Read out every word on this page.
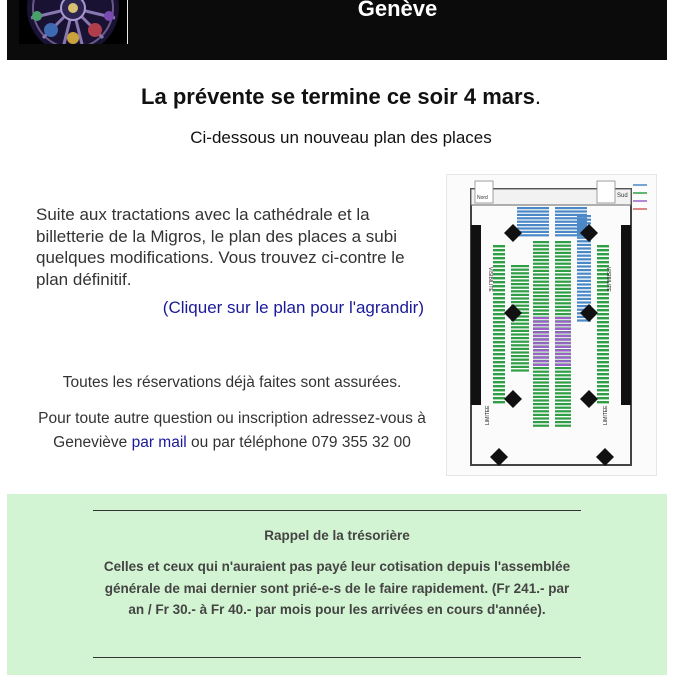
Genève
La prévente se termine ce soir 4 mars.
Ci-dessous un nouveau plan des places
Suite aux tractations avec la cathédrale et la billetterie de la Migros, le plan des places a subi quelques modifications. Vous trouvez ci-contre le plan définitif.
(Cliquer sur le plan pour l'agrandir)
Toutes les réservations déjà faites sont assurées.
Pour toute autre question ou inscription adressez-vous à Geneviève par mail ou par téléphone 079 355 32 00
Nord	Sud
VISIBILITE	VISIBILITE
LIMITEE	LIMITEE
Rappel de la trésorière
Celles et ceux qui n'auraient pas payé leur cotisation depuis l'assemblée générale de mai dernier sont prié-e-s de le faire rapidement. (Fr 241.- par an / Fr 30.- à Fr 40.- par mois pour les arrivées en cours d'année).
